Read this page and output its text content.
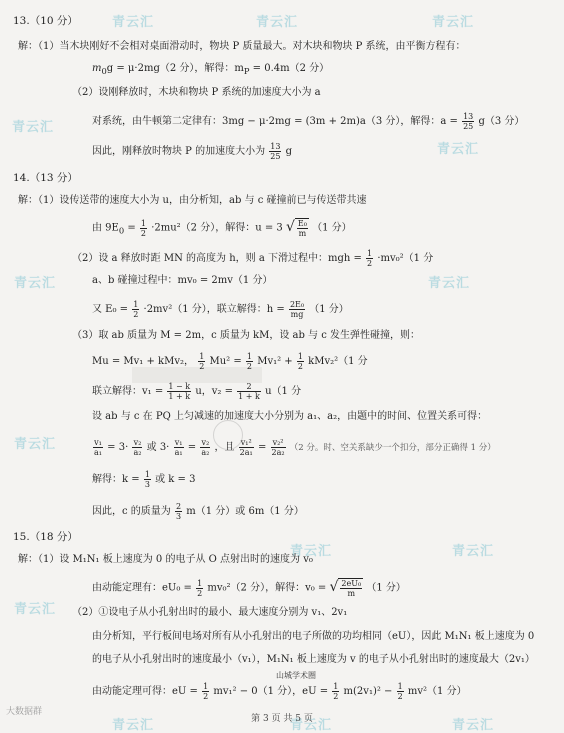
青云汇	青云汇	青云汇
青云汇
青云汇
青云汇	青云汇
青云汇
青云汇	青云汇
青云汇
青云汇	青云汇	青云汇
13.（10 分）
解：（1）当木块刚好不会相对桌面滑动时，物块 P 质量最大。对木块和物块 P 系统，由平衡方程有：
$m_0g = \mu\cdot 2mg(2$ 分），解得：$m_P = 0.4m(2$ 分）
（2）设刚释放时，木块和物块 P 系统的加速度大小为 a
对系统，由牛顿第二定律有：3mg − μ·2mg = (3m + 2m)a（3 分），解得：$a = \frac{13}{25} g(3$ 分）
因此，刚释放时物块 P 的加速度大小为 $\frac{13}{25}$ g
14.（13 分）
解：（1）设传送带的速度大小为 u，由分析知，ab 与 c 碰撞前已与传送带共速
由 $9E_0 = \frac{1}{2} \cdot 2mu^2(2$ 分），解得：u = 3 √ $\frac{\text{E₀}}{m} (1$ 分）
（2）设 a 释放时距 MN 的高度为 h，则 a 下滑过程中：mgh = $\frac{1}{2} \cdot mv_0^2(1$ 分
a、b 碰撞过程中：mv₀ = 2mv（1 分）
又 $E_0 = \frac{1}{2} \cdot 2mv^2(1$ 分），联立解得：$h = \frac{\text{2E₀}}{mg} (1$ 分）
（3）取 ab 质量为 M = 2m，c 质量为 kM，设 ab 与 c 发生弹性碰撞，则：
Mu = Mv₁ + kMv₂， $\frac{1}{2} Mu^2 = \frac{1}{2} Mv_1^2 + \frac{1}{2} kMv_2^2(1$ 分
联立解得：$v_1 = \frac{1 - k}{1 + k}$ u，$v_2 = \frac{2}{1 + k} u(1$ 分
设 ab 与 c 在 PQ 上匀减速的加速度大小分别为 a₁、a₂，由题中的时间、位置关系可得：
$\frac{\text{v₁}}{\text{a₁}} = 3\cdot \frac{\text{v₂}}{\text{a₂}}$ 或 $3\cdot \frac{\text{v₁}}{\text{a₁}} = \frac{\text{v₂}}{\text{a₂}}$ ，且 $\frac{\text{v₁²}}{\text{2a₁}} = \frac{\text{v₂²}}{\text{2a₂}} (2$ 分。时、空关系缺少一个扣分，部分正确得 1 分）
解得：$k = \frac{1}{3}$ 或 k = 3
因此，c 的质量为 $\frac{2}{3} m(1$ 分）或 6m（1 分）
15.（18 分）
解：（1）设 M₁N₁ 板上速度为 0 的电子从 O 点射出时的速度为 v₀
由动能定理有：$eU_0 = \frac{1}{2} mv_0^2(2$ 分），解得：v₀ = √ $\frac{\text{2eU₀}}{m} (1$ 分）
（2）①设电子从小孔射出时的最小、最大速度分别为 v₁、2v₁
由分析知，平行板间电场对所有从小孔射出的电子所做的功均相同（eU），因此 M₁N₁ 板上速度为 0
的电子从小孔射出时的速度最小（v₁），M₁N₁ 板上速度为 v 的电子从小孔射出时的速度最大（2v₁）
山城学术圈
由动能定理可得：eU = $\frac{1}{2} mv_1^2 - 0(1$ 分），eU = $\frac{1}{2} m(2v_1)^2 - \frac{1}{2} mv^2(1$ 分）
大数据群
第 3 页 共 5 页
